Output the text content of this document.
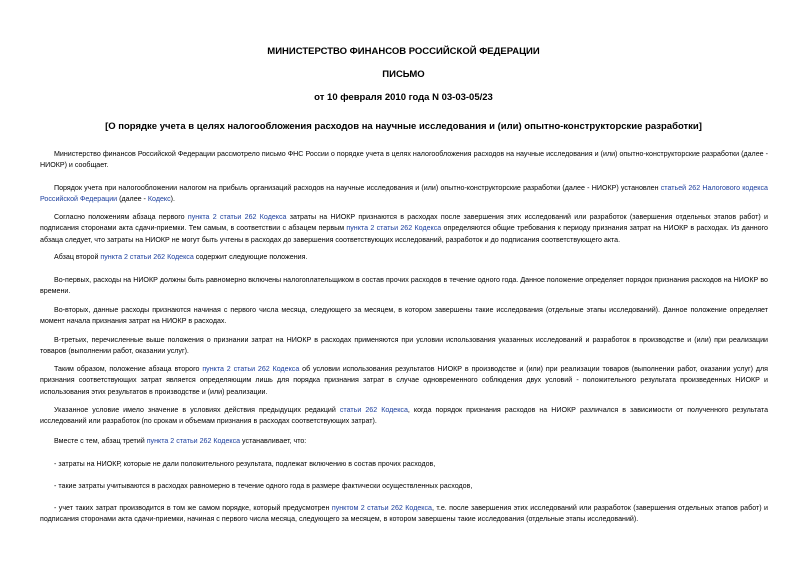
МИНИСТЕРСТВО ФИНАНСОВ РОССИЙСКОЙ ФЕДЕРАЦИИ
ПИСЬМО
от 10 февраля 2010 года N 03-03-05/23
[О порядке учета в целях налогообложения расходов на научные исследования и (или) опытно-конструкторские разработки]

Министерство финансов Российской Федерации рассмотрело письмо ФНС России о порядке учета в целях налогообложения расходов на научные исследования и (или) опытно-конструкторские разработки (далее - НИОКР) и сообщает.

Порядок учета при налогообложении налогом на прибыль организаций расходов на научные исследования и (или) опытно-конструкторские разработки (далее - НИОКР) установлен статьей 262 Налогового кодекса Российской Федерации (далее - Кодекс).

Согласно положениям абзаца первого пункта 2 статьи 262 Кодекса затраты на НИОКР признаются в расходах после завершения этих исследований или разработок (завершения отдельных этапов работ) и подписания сторонами акта сдачи-приемки. Тем самым, в соответствии с абзацем первым пункта 2 статьи 262 Кодекса определяются общие требования к периоду признания затрат на НИОКР в расходах. Из данного абзаца следует, что затраты на НИОКР не могут быть учтены в расходах до завершения соответствующих исследований, разработок и до подписания соответствующего акта.

Абзац второй пункта 2 статьи 262 Кодекса содержит следующие положения.

Во-первых, расходы на НИОКР должны быть равномерно включены налогоплательщиком в состав прочих расходов в течение одного года. Данное положение определяет порядок признания расходов на НИОКР во времени.

Во-вторых, данные расходы признаются начиная с первого числа месяца, следующего за месяцем, в котором завершены такие исследования (отдельные этапы исследований). Данное положение определяет момент начала признания затрат на НИОКР в расходах.

В-третьих, перечисленные выше положения о признании затрат на НИОКР в расходах применяются при условии использования указанных исследований и разработок в производстве и (или) при реализации товаров (выполнении работ, оказании услуг).

Таким образом, положение абзаца второго пункта 2 статьи 262 Кодекса об условии использования результатов НИОКР в производстве и (или) при реализации товаров (выполнении работ, оказании услуг) для признания соответствующих затрат является определяющим лишь для порядка признания затрат в случае одновременного соблюдения двух условий - положительного результата произведенных НИОКР и использования этих результатов в производстве и (или) реализации.

Указанное условие имело значение в условиях действия предыдущих редакций статьи 262 Кодекса, когда порядок признания расходов на НИОКР различался в зависимости от полученного результата исследований или разработок (по срокам и объемам признания в расходах соответствующих затрат).

Вместе с тем, абзац третий пункта 2 статьи 262 Кодекса устанавливает, что:

- затраты на НИОКР, которые не дали положительного результата, подлежат включению в состав прочих расходов,

- такие затраты учитываются в расходах равномерно в течение одного года в размере фактически осуществленных расходов,

- учет таких затрат производится в том же самом порядке, который предусмотрен пунктом 2 статьи 262 Кодекса, т.е. после завершения этих исследований или разработок (завершения отдельных этапов работ) и подписания сторонами акта сдачи-приемки, начиная с первого числа месяца, следующего за месяцем, в котором завершены такие исследования (отдельные этапы исследований).
